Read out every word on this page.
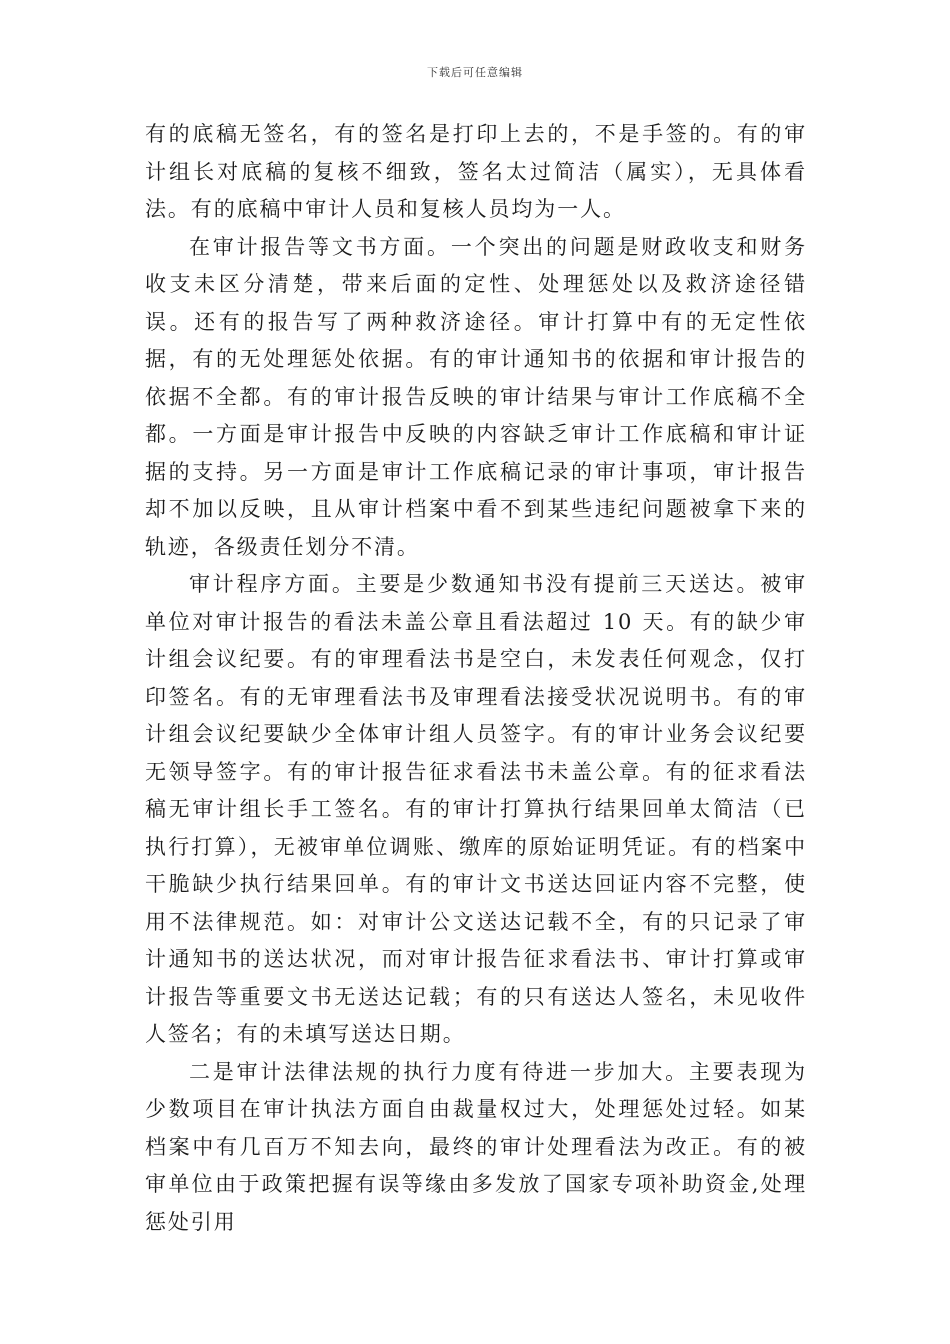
下载后可任意编辑

有的底稿无签名，有的签名是打印上去的，不是手签的。有的审计组长对底稿的复核不细致，签名太过简洁（属实），无具体看法。有的底稿中审计人员和复核人员均为一人。

在审计报告等文书方面。一个突出的问题是财政收支和财务收支未区分清楚，带来后面的定性、处理惩处以及救济途径错误。还有的报告写了两种救济途径。审计打算中有的无定性依据，有的无处理惩处依据。有的审计通知书的依据和审计报告的依据不全都。有的审计报告反映的审计结果与审计工作底稿不全都。一方面是审计报告中反映的内容缺乏审计工作底稿和审计证据的支持。另一方面是审计工作底稿记录的审计事项，审计报告却不加以反映，且从审计档案中看不到某些违纪问题被拿下来的轨迹，各级责任划分不清。

审计程序方面。主要是少数通知书没有提前三天送达。被审单位对审计报告的看法未盖公章且看法超过 10 天。有的缺少审计组会议纪要。有的审理看法书是空白，未发表任何观念，仅打印签名。有的无审理看法书及审理看法接受状况说明书。有的审计组会议纪要缺少全体审计组人员签字。有的审计业务会议纪要无领导签字。有的审计报告征求看法书未盖公章。有的征求看法稿无审计组长手工签名。有的审计打算执行结果回单太简洁（已执行打算），无被审单位调账、缴库的原始证明凭证。有的档案中干脆缺少执行结果回单。有的审计文书送达回证内容不完整，使用不法律规范。如：对审计公文送达记载不全，有的只记录了审计通知书的送达状况，而对审计报告征求看法书、审计打算或审计报告等重要文书无送达记载；有的只有送达人签名，未见收件人签名；有的未填写送达日期。

二是审计法律法规的执行力度有待进一步加大。主要表现为少数项目在审计执法方面自由裁量权过大，处理惩处过轻。如某档案中有几百万不知去向，最终的审计处理看法为改正。有的被审单位由于政策把握有误等缘由多发放了国家专项补助资金,处理惩处引用
